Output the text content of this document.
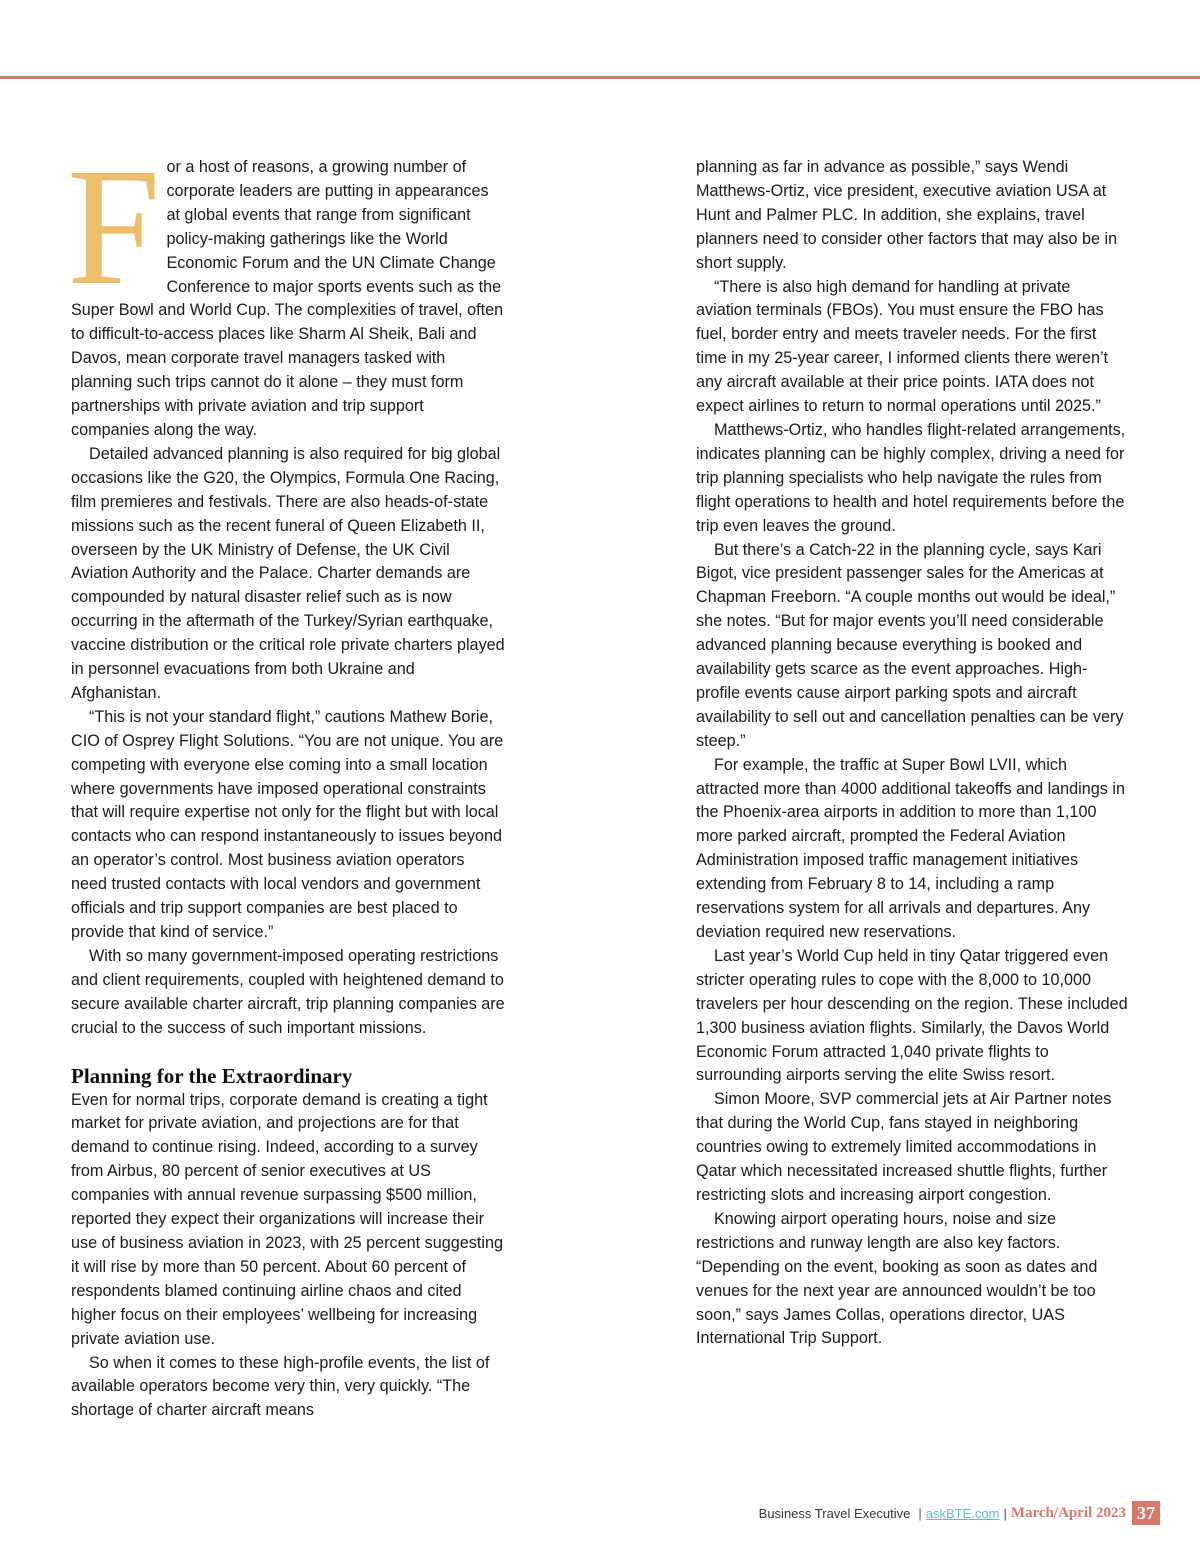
F or a host of reasons, a growing number of corporate leaders are putting in appearances at global events that range from significant policy-making gatherings like the World Economic Forum and the UN Climate Change Conference to major sports events such as the Super Bowl and World Cup. The complexities of travel, often to difficult-to-access places like Sharm Al Sheik, Bali and Davos, mean corporate travel managers tasked with planning such trips cannot do it alone – they must form partnerships with private aviation and trip support companies along the way.

Detailed advanced planning is also required for big global occasions like the G20, the Olympics, Formula One Racing, film premieres and festivals. There are also heads-of-state missions such as the recent funeral of Queen Elizabeth II, overseen by the UK Ministry of Defense, the UK Civil Aviation Authority and the Palace. Charter demands are compounded by natural disaster relief such as is now occurring in the aftermath of the Turkey/Syrian earthquake, vaccine distribution or the critical role private charters played in personnel evacuations from both Ukraine and Afghanistan.

“This is not your standard flight,” cautions Mathew Borie, CIO of Osprey Flight Solutions. “You are not unique. You are competing with everyone else coming into a small location where governments have imposed operational constraints that will require expertise not only for the flight but with local contacts who can respond instantaneously to issues beyond an operator’s control. Most business aviation operators need trusted contacts with local vendors and government officials and trip support companies are best placed to provide that kind of service.”

With so many government-imposed operating restrictions and client requirements, coupled with heightened demand to secure available charter aircraft, trip planning companies are crucial to the success of such important missions.

Planning for the Extraordinary

Even for normal trips, corporate demand is creating a tight market for private aviation, and projections are for that demand to continue rising. Indeed, according to a survey from Airbus, 80 percent of senior executives at US companies with annual revenue surpassing $500 million, reported they expect their organizations will increase their use of business aviation in 2023, with 25 percent suggesting it will rise by more than 50 percent. About 60 percent of respondents blamed continuing airline chaos and cited higher focus on their employees’ wellbeing for increasing private aviation use.

So when it comes to these high-profile events, the list of available operators become very thin, very quickly. “The shortage of charter aircraft means

planning as far in advance as possible,” says Wendi Matthews-Ortiz, vice president, executive aviation USA at Hunt and Palmer PLC. In addition, she explains, travel planners need to consider other factors that may also be in short supply.

“There is also high demand for handling at private aviation terminals (FBOs). You must ensure the FBO has fuel, border entry and meets traveler needs. For the first time in my 25-year career, I informed clients there weren’t any aircraft available at their price points. IATA does not expect airlines to return to normal operations until 2025.”

Matthews-Ortiz, who handles flight-related arrangements, indicates planning can be highly complex, driving a need for trip planning specialists who help navigate the rules from flight operations to health and hotel requirements before the trip even leaves the ground.

But there’s a Catch-22 in the planning cycle, says Kari Bigot, vice president passenger sales for the Americas at Chapman Freeborn. “A couple months out would be ideal,” she notes. “But for major events you’ll need considerable advanced planning because everything is booked and availability gets scarce as the event approaches. High-profile events cause airport parking spots and aircraft availability to sell out and cancellation penalties can be very steep.”

For example, the traffic at Super Bowl LVII, which attracted more than 4000 additional takeoffs and landings in the Phoenix-area airports in addition to more than 1,100 more parked aircraft, prompted the Federal Aviation Administration imposed traffic management initiatives extending from February 8 to 14, including a ramp reservations system for all arrivals and departures. Any deviation required new reservations.

Last year’s World Cup held in tiny Qatar triggered even stricter operating rules to cope with the 8,000 to 10,000 travelers per hour descending on the region. These included 1,300 business aviation flights. Similarly, the Davos World Economic Forum attracted 1,040 private flights to surrounding airports serving the elite Swiss resort.

Simon Moore, SVP commercial jets at Air Partner notes that during the World Cup, fans stayed in neighboring countries owing to extremely limited accommodations in Qatar which necessitated increased shuttle flights, further restricting slots and increasing airport congestion.

Knowing airport operating hours, noise and size restrictions and runway length are also key factors. “Depending on the event, booking as soon as dates and venues for the next year are announced wouldn’t be too soon,” says James Collas, operations director, UAS International Trip Support.

Business Travel Executive | askBTE.com | March/April 2023 37
